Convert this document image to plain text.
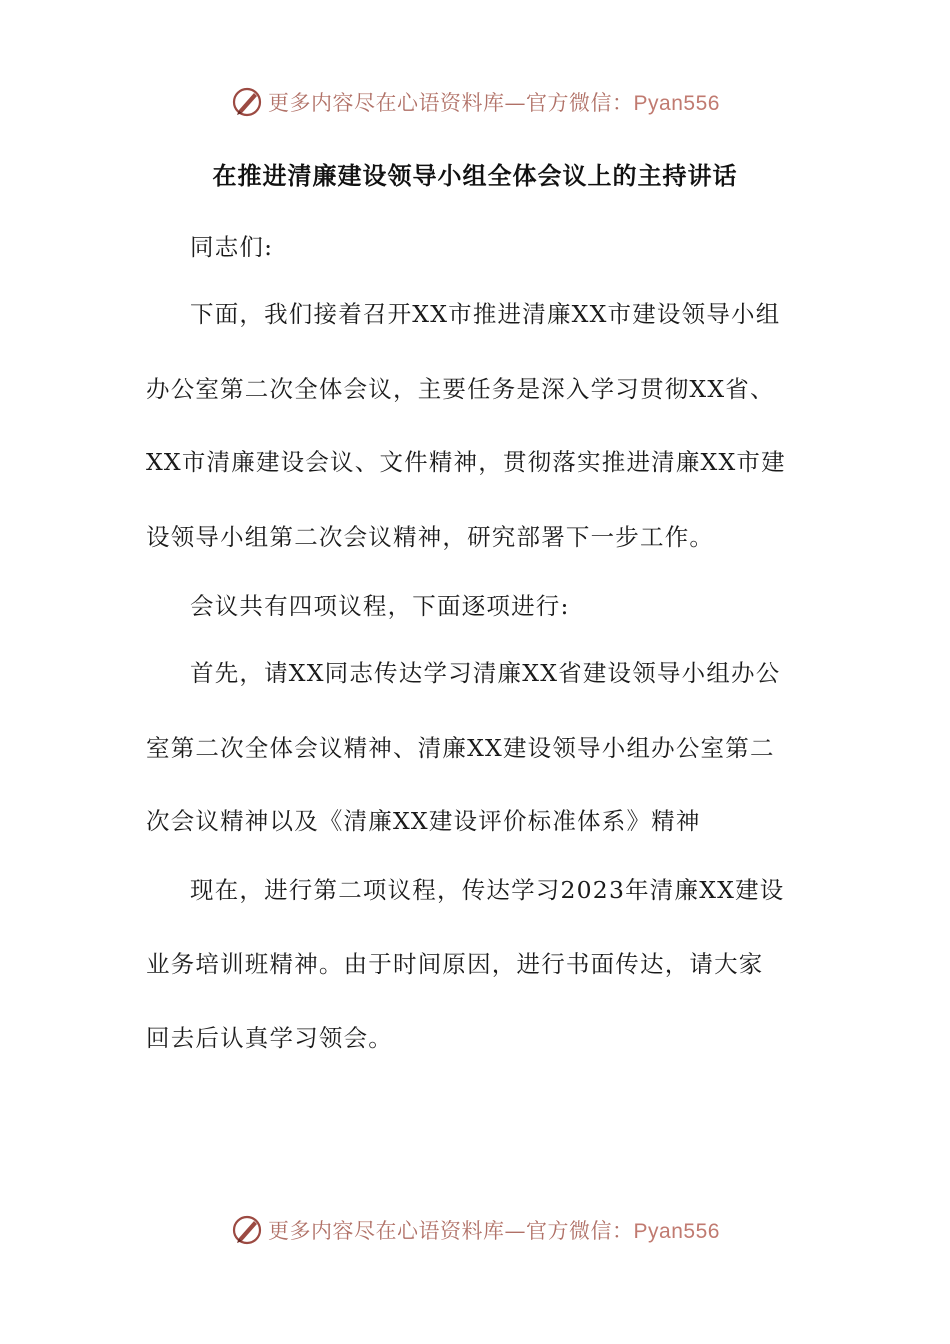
更多内容尽在心语资料库—官方微信：Pyan556
在推进清廉建设领导小组全体会议上的主持讲话
同志们:
下面，我们接着召开XX市推进清廉XX市建设领导小组
办公室第二次全体会议，主要任务是深入学习贯彻XX省、
XX市清廉建设会议、文件精神，贯彻落实推进清廉XX市建
设领导小组第二次会议精神，研究部署下一步工作。
会议共有四项议程，下面逐项进行:
首先，请XX同志传达学习清廉XX省建设领导小组办公
室第二次全体会议精神、清廉XX建设领导小组办公室第二
次会议精神以及《清廉XX建设评价标准体系》精神
现在，进行第二项议程，传达学习2023年清廉XX建设
业务培训班精神。由于时间原因，进行书面传达，请大家
回去后认真学习领会。
更多内容尽在心语资料库—官方微信：Pyan556
